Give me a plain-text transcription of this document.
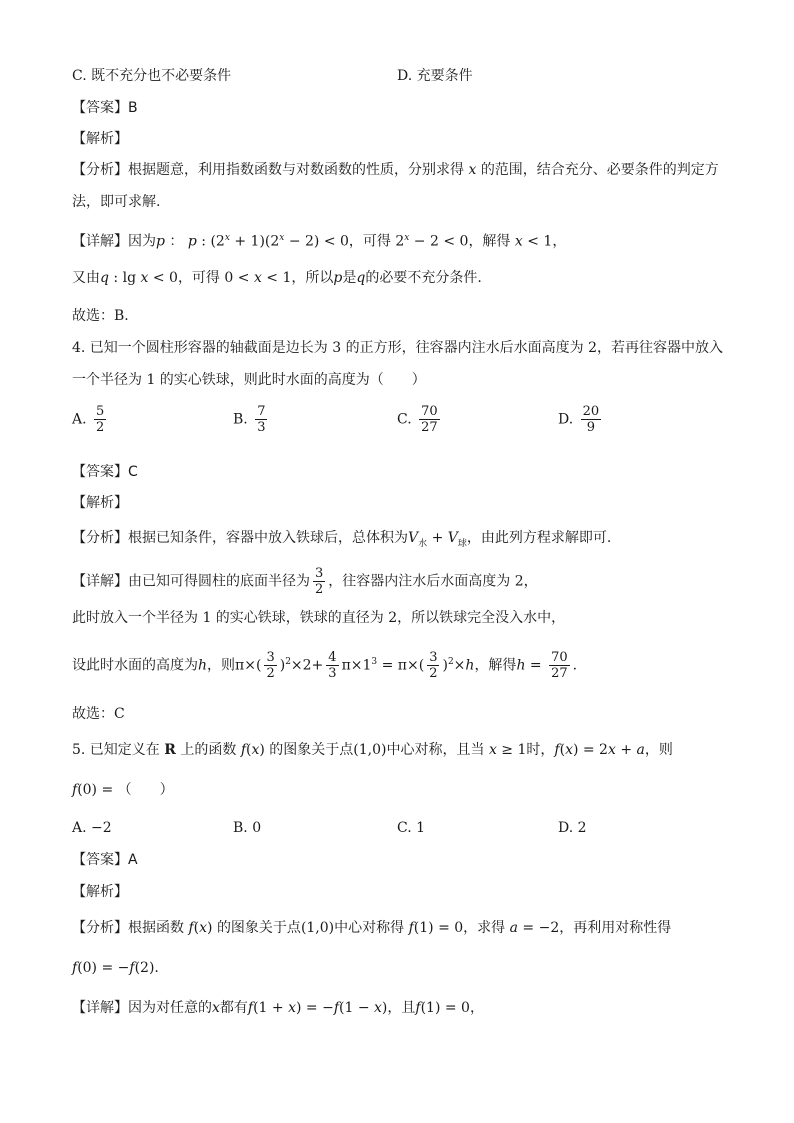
C. 既不充分也不必要条件	D. 充要条件
【答案】B
【解析】
【分析】根据题意，利用指数函数与对数函数的性质，分别求得 x 的范围，结合充分、必要条件的判定方
法，即可求解.
【详解】因为p ： p : $(2^x + 1)(2^x - 2) < 0$，可得 $2^x - 2 < 0$，解得 x < 1，
又由q : lg x < 0，可得 0 < x < 1，所以p是q的必要不充分条件.
故选：B.
4. 已知一个圆柱形容器的轴截面是边长为 3 的正方形，往容器内注水后水面高度为 2，若再往容器中放入
一个半径为 1 的实心铁球，则此时水面的高度为（　　）
A. $\frac{5}{2}$	B. $\frac{7}{3}$	C. $\frac{70}{27}$	D. $\frac{20}{9}$
【答案】C
【解析】
【分析】根据已知条件，容器中放入铁球后，总体积为$V_水 + V_球$，由此列方程求解即可.
【详解】由已知可得圆柱的底面半径为 $\frac{3}{2}$ ，往容器内注水后水面高度为 2，
此时放入一个半径为 1 的实心铁球，铁球的直径为 2，所以铁球完全没入水中，
设此时水面的高度为h，则$\pi\times( \frac{3}{2} )^2\times 2+ \frac{4}{3} \pi\times 1^3 = \pi\times( \frac{3}{2} )^2\times h$，解得$h = \frac{70}{27}$ .
故选：C
5. 已知定义在 R 上的函数 f(x) 的图象关于点(1,0)中心对称，且当 x ≥ 1时，f(x) = 2x + a，则
f(0) = （　　）
A. −2	B. 0	C. 1	D. 2
【答案】A
【解析】
【分析】根据函数 f(x) 的图象关于点(1,0)中心对称得 f(1) = 0，求得 a = −2，再利用对称性得
f(0) = −f(2).
【详解】因为对任意的x都有f(1 + x) = −f(1 − x)，且f(1) = 0，
